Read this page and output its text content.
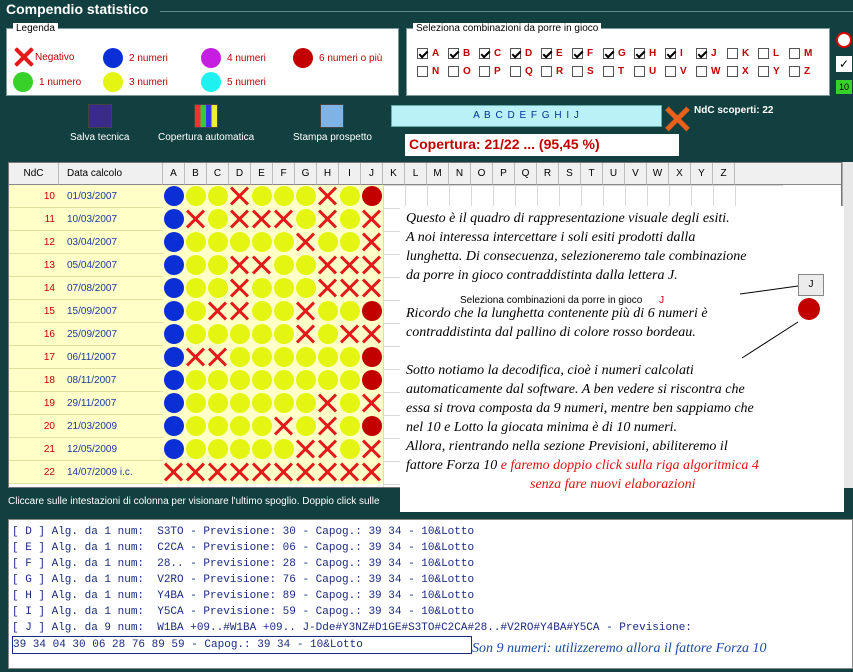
Compendio statistico
Legenda
Negativo	2 numeri	4 numeri	6 numeri o più
1 numero	3 numeri	5 numeri
Seleziona combinazioni da porre in gioco
A B C D E F G H I	J	K L M
N O P Q R S T U V W X Y Z
✓
10
Salva tecnica	Copertura automatica	Stampa prospetto
A B C D E F G H I J	NdC scoperti: 22
Copertura: 21/22 ... (95,45 %)
NdC	Data calcolo	A	B	C	D	E	F	G	H	I	J	K	L	M	N	O	P	Q	R	S	T	U	V	W	X	Y	Z
10	01/03/2007
11	10/03/2007
12	03/04/2007
13	05/04/2007
14	07/08/2007
15	15/09/2007
16	25/09/2007
17	06/11/2007
18	08/11/2007
19	29/11/2007
20	21/03/2009
21	12/05/2009
22	14/07/2009 i.c.

Questo è il quadro di rappresentazione visuale degli esiti.

A noi interessa intercettare i soli esiti prodotti dalla

lunghetta. Di consecuenza, selezioneremo tale combinazione

da porre in gioco contraddistinta dalla lettera J.

Ricordo che la lunghetta contenente più di 6 numeri è

contraddistinta dal pallino di colore rosso bordeau.

Sotto notiamo la decodifica, cioè i numeri calcolati

automaticamente dal software. A ben vedere si riscontra che

essa si trova composta da 9 numeri, mentre ben sappiamo che

nel 10 e Lotto la giocata minima è di 10 numeri.

Allora, rientrando nella sezione Previsioni, abiliteremo il

fattore Forza 10 e faremo doppio click sulla riga algoritmica 4

senza fare nuovi elaborazioni

Seleziona combinazioni da porre in gioco J
J
Cliccare sulle intestazioni di colonna per visionare l'ultimo spoglio. Doppio click sulle
[ D ] Alg. da 1 num:  S3TO - Previsione: 30 - Capog.: 39 34 - 10&Lotto
[ E ] Alg. da 1 num:  C2CA - Previsione: 06 - Capog.: 39 34 - 10&Lotto
[ F ] Alg. da 1 num:  28.. - Previsione: 28 - Capog.: 39 34 - 10&Lotto
[ G ] Alg. da 1 num:  V2RO - Previsione: 76 - Capog.: 39 34 - 10&Lotto
[ H ] Alg. da 1 num:  Y4BA - Previsione: 89 - Capog.: 39 34 - 10&Lotto
[ I ] Alg. da 1 num:  Y5CA - Previsione: 59 - Capog.: 39 34 - 10&Lotto
[ J ] Alg. da 9 num:  W1BA +09..#W1BA +09.. J-Dde#Y3NZ#D1GE#S3TO#C2CA#28..#V2RO#Y4BA#Y5CA - Previsione:
39 34 04 30 06 28 76 89 59 - Capog.: 39 34 - 10&Lotto	Son 9 numeri: utilizzeremo allora il fattore Forza 10
